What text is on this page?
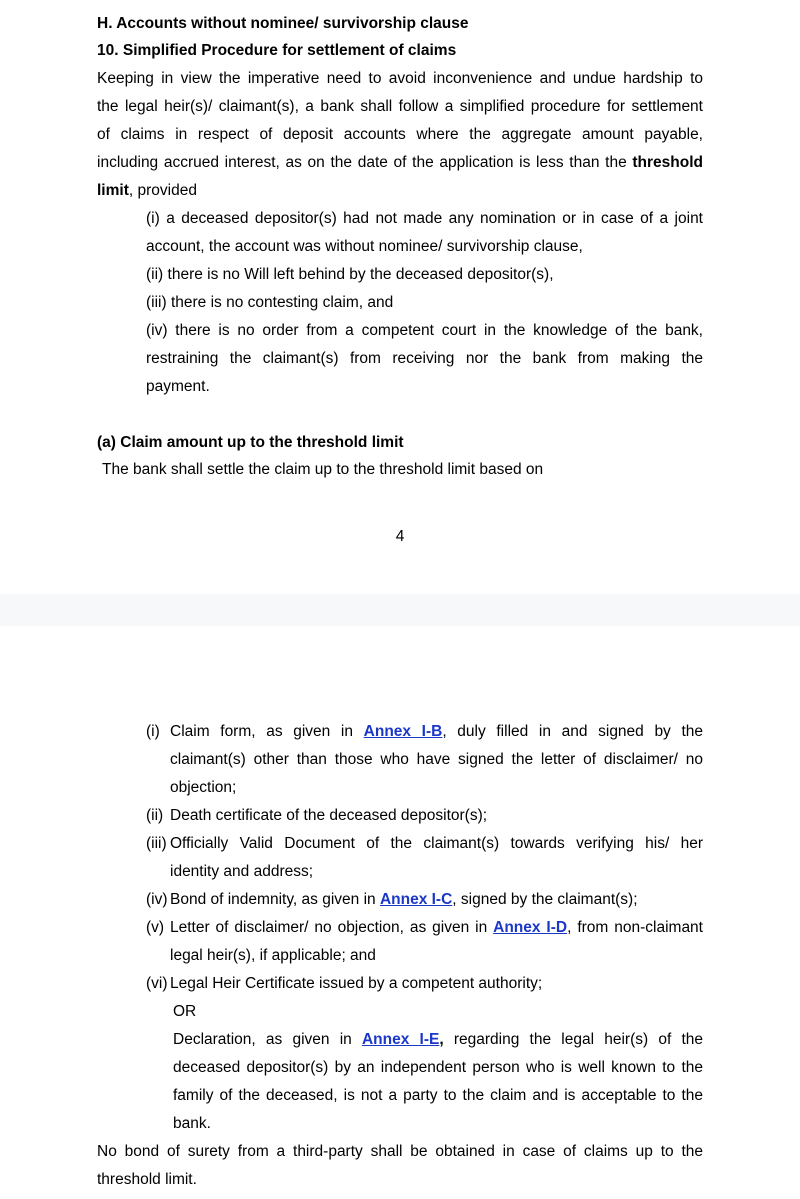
H. Accounts without nominee/ survivorship clause
10. Simplified Procedure for settlement of claims
Keeping in view the imperative need to avoid inconvenience and undue hardship to
the legal heir(s)/ claimant(s), a bank shall follow a simplified procedure for settlement
of claims in respect of deposit accounts where the aggregate amount payable,
including accrued interest, as on the date of the application is less than the threshold
limit, provided
(i) a deceased depositor(s) had not made any nomination or in case of a joint
account, the account was without nominee/ survivorship clause,
(ii) there is no Will left behind by the deceased depositor(s),
(iii) there is no contesting claim, and
(iv) there is no order from a competent court in the knowledge of the bank,
restraining the claimant(s) from receiving nor the bank from making the
payment.
(a) Claim amount up to the threshold limit
The bank shall settle the claim up to the threshold limit based on
4
(i) Claim form, as given in Annex I-B, duly filled in and signed by the
claimant(s) other than those who have signed the letter of disclaimer/ no
objection;
(ii) Death certificate of the deceased depositor(s);
(iii) Officially Valid Document of the claimant(s) towards verifying his/ her
identity and address;
(iv) Bond of indemnity, as given in Annex I-C, signed by the claimant(s);
(v) Letter of disclaimer/ no objection, as given in Annex I-D, from non-claimant
legal heir(s), if applicable; and
(vi) Legal Heir Certificate issued by a competent authority;
OR
Declaration, as given in Annex I-E, regarding the legal heir(s) of the
deceased depositor(s) by an independent person who is well known to the
family of the deceased, is not a party to the claim and is acceptable to the
bank.
No bond of surety from a third-party shall be obtained in case of claims up to the
threshold limit.
